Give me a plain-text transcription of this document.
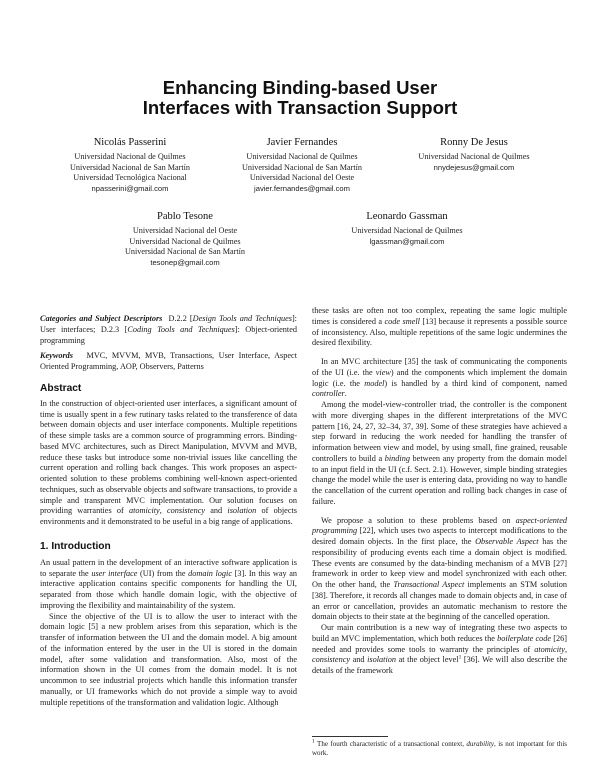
Enhancing Binding-based User
Interfaces with Transaction Support
Nicolás Passerini
Universidad Nacional de Quilmes
Universidad Nacional de San Martín
Universidad Tecnológica Nacional
npasserini@gmail.com
Javier Fernandes
Universidad Nacional de Quilmes
Universidad Nacional de San Martín
Universidad Nacional del Oeste
javier.fernandes@gmail.com
Ronny De Jesus
Universidad Nacional de Quilmes
nnydejesus@gmail.com
Pablo Tesone
Universidad Nacional del Oeste
Universidad Nacional de Quilmes
Universidad Nacional de San Martín
tesonep@gmail.com
Leonardo Gassman
Universidad Nacional de Quilmes
lgassman@gmail.com

Categories and Subject Descriptors D.2.2 [Design Tools and Techniques]: User interfaces; D.2.3 [Coding Tools and Techniques]: Object-oriented programming

Keywords MVC, MVVM, MVB, Transactions, User Interface, Aspect Oriented Programming, AOP, Observers, Patterns

Abstract

In the construction of object-oriented user interfaces, a significant amount of time is usually spent in a few rutinary tasks related to the transference of data between domain objects and user interface components. Multiple repetitions of these simple tasks are a common source of programming errors. Binding-based MVC architectures, such as Direct Manipulation, MVVM and MVB, reduce these tasks but introduce some non-trivial issues like cancelling the current operation and rolling back changes. This work proposes an aspect-oriented solution to these problems combining well-known aspect-oriented techniques, such as observable objects and software transactions, to provide a simple and transparent MVC implementation. Our solution focuses on providing warranties of atomicity, consistency and isolation of objects environments and it demonstrated to be useful in a big range of applications.

1. Introduction

An usual pattern in the development of an interactive software application is to separate the user interface (UI) from the domain logic [3]. In this way an interactive application contains specific components for handling the UI, separated from those which handle domain logic, with the objective of improving the flexibility and maintainability of the system.

Since the objective of the UI is to allow the user to interact with the domain logic [5] a new problem arises from this separation, which is the transfer of information between the UI and the domain model. A big amount of the information entered by the user in the UI is stored in the domain model, after some validation and transformation. Also, most of the information shown in the UI comes from the domain model. It is not uncommon to see industrial projects which handle this information transfer manually, or UI frameworks which do not provide a simple way to avoid multiple repetitions of the transformation and validation logic. Although

these tasks are often not too complex, repeating the same logic multiple times is considered a code smell [13] because it represents a possible source of inconsistency. Also, multiple repetitions of the same logic undermines the desired flexibility.

In an MVC architecture [35] the task of communicating the components of the UI (i.e. the view) and the components which implement the domain logic (i.e. the model) is handled by a third kind of component, named controller.

Among the model-view-controller triad, the controller is the component with more diverging shapes in the different interpretations of the MVC pattern [16, 24, 27, 32–34, 37, 39]. Some of these strategies have achieved a step forward in reducing the work needed for handling the transfer of information between view and model, by using small, fine grained, reusable controllers to build a binding between any property from the domain model to an input field in the UI (c.f. Sect. 2.1). However, simple binding strategies change the model while the user is entering data, providing no way to handle the cancellation of the current operation and rolling back changes in case of failure.

We propose a solution to these problems based on aspect-oriented programming [22], which uses two aspects to intercept modifications to the desired domain objects. In the first place, the Observable Aspect has the responsibility of producing events each time a domain object is modified. These events are consumed by the data-binding mechanism of a MVB [27] framework in order to keep view and model synchronized with each other. On the other hand, the Transactional Aspect implements an STM solution [38]. Therefore, it records all changes made to domain objects and, in case of an error or cancellation, provides an automatic mechanism to restore the domain objects to their state at the beginning of the cancelled operation.

Our main contribution is a new way of integrating these two aspects to build an MVC implementation, which both reduces the boilerplate code [26] needed and provides some tools to warranty the principles of atomicity, consistency and isolation at the object level$^1$ [36]. We will also describe the details of the framework

$^1$ The fourth characteristic of a transactional context, durability, is not important for this work.
